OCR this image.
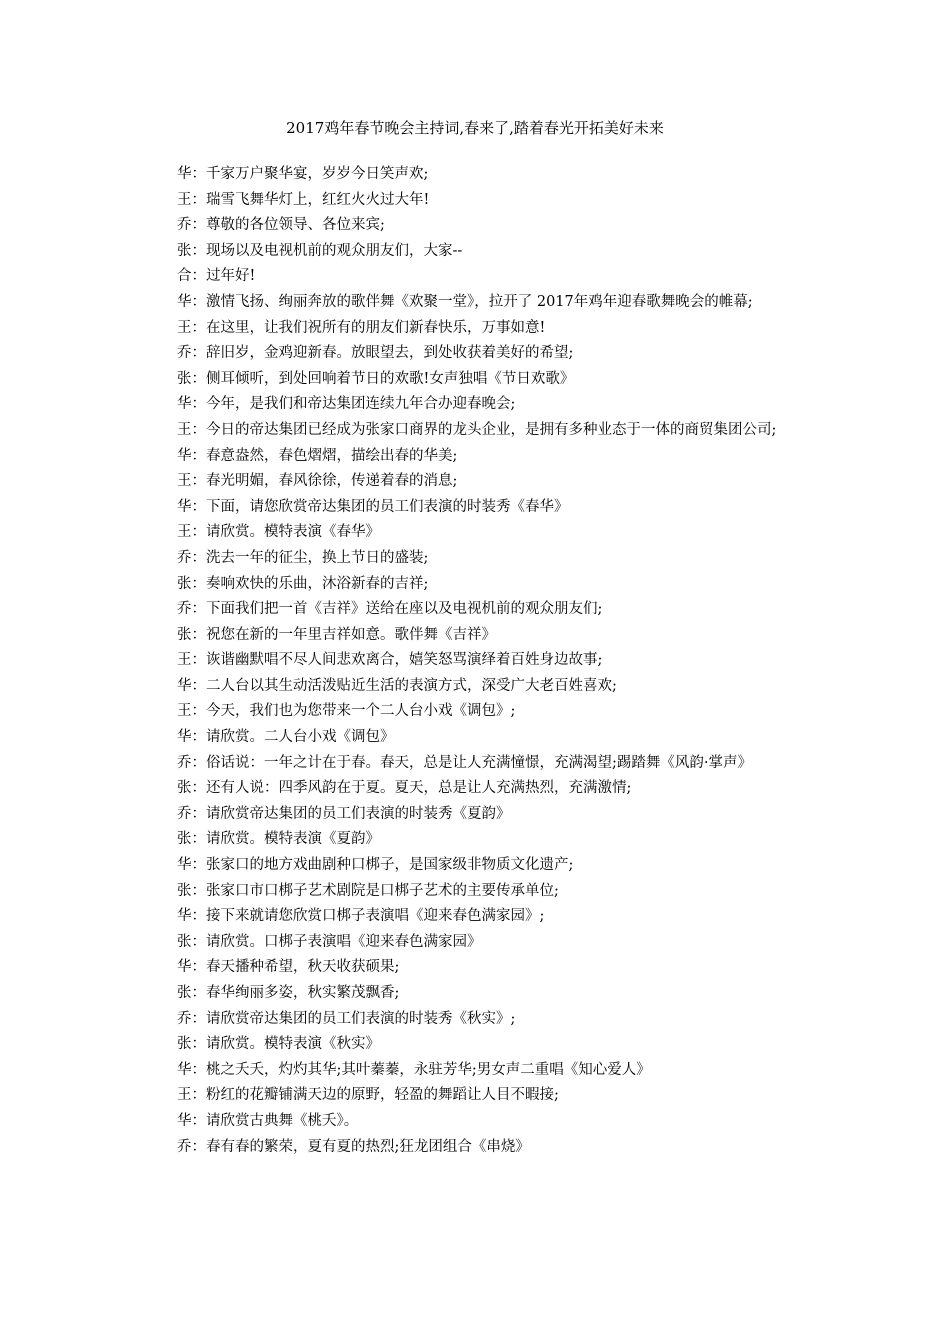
2017鸡年春节晚会主持词,春来了,踏着春光开拓美好未来

华：千家万户聚华宴，岁岁今日笑声欢;

王：瑞雪飞舞华灯上，红红火火过大年!

乔：尊敬的各位领导、各位来宾;

张：现场以及电视机前的观众朋友们，大家--

合：过年好!

华：激情飞扬、绚丽奔放的歌伴舞《欢聚一堂》，拉开了 2017年鸡年迎春歌舞晚会的帷幕;

王：在这里，让我们祝所有的朋友们新春快乐，万事如意!

乔：辞旧岁，金鸡迎新春。放眼望去，到处收获着美好的希望;

张：侧耳倾听，到处回响着节日的欢歌!女声独唱《节日欢歌》

华：今年，是我们和帝达集团连续九年合办迎春晚会;

王：今日的帝达集团已经成为张家口商界的龙头企业，是拥有多种业态于一体的商贸集团公司;

华：春意盎然，春色熠熠，描绘出春的华美;

王：春光明媚，春风徐徐，传递着春的消息;

华：下面，请您欣赏帝达集团的员工们表演的时装秀《春华》

王：请欣赏。模特表演《春华》

乔：洗去一年的征尘，换上节日的盛装;

张：奏响欢快的乐曲，沐浴新春的吉祥;

乔：下面我们把一首《吉祥》送给在座以及电视机前的观众朋友们;

张：祝您在新的一年里吉祥如意。歌伴舞《吉祥》

王：诙谐幽默唱不尽人间悲欢离合，嬉笑怒骂演绎着百姓身边故事;

华：二人台以其生动活泼贴近生活的表演方式，深受广大老百姓喜欢;

王：今天，我们也为您带来一个二人台小戏《调包》;

华：请欣赏。二人台小戏《调包》

乔：俗话说：一年之计在于春。春天，总是让人充满憧憬，充满渴望;踢踏舞《风韵·掌声》

张：还有人说：四季风韵在于夏。夏天，总是让人充满热烈，充满激情;

乔：请欣赏帝达集团的员工们表演的时装秀《夏韵》

张：请欣赏。模特表演《夏韵》

华：张家口的地方戏曲剧种口梆子，是国家级非物质文化遗产;

张：张家口市口梆子艺术剧院是口梆子艺术的主要传承单位;

华：接下来就请您欣赏口梆子表演唱《迎来春色满家园》;

张：请欣赏。口梆子表演唱《迎来春色满家园》

华：春天播种希望，秋天收获硕果;

张：春华绚丽多姿，秋实繁茂飘香;

乔：请欣赏帝达集团的员工们表演的时装秀《秋实》;

张：请欣赏。模特表演《秋实》

华：桃之夭夭，灼灼其华;其叶蓁蓁，永驻芳华;男女声二重唱《知心爱人》

王：粉红的花瓣铺满天边的原野，轻盈的舞蹈让人目不暇接;

华：请欣赏古典舞《桃夭》。

乔：春有春的繁荣，夏有夏的热烈;狂龙团组合《串烧》
